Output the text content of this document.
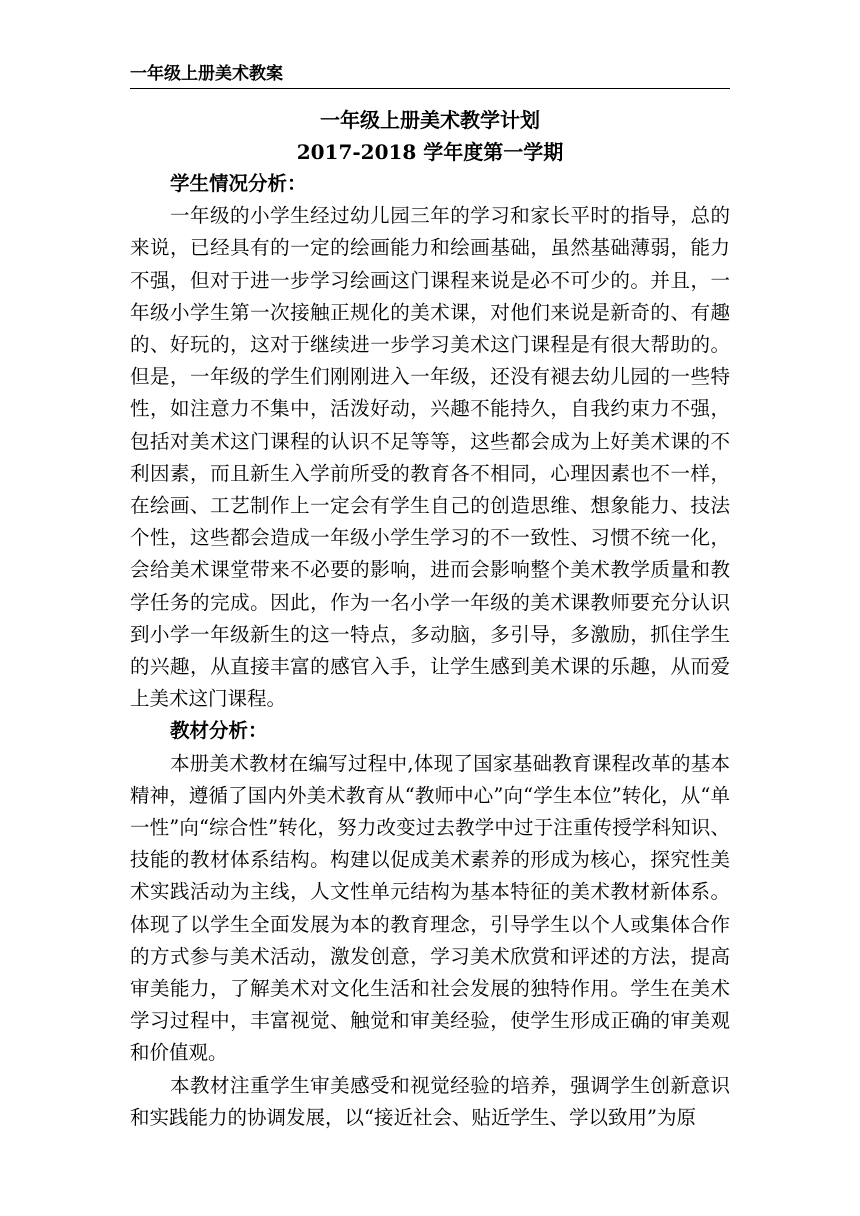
一年级上册美术教案

一年级上册美术教学计划

2017-2018 学年度第一学期

学生情况分析：

一年级的小学生经过幼儿园三年的学习和家长平时的指导，总的来说，已经具有的一定的绘画能力和绘画基础，虽然基础薄弱，能力不强，但对于进一步学习绘画这门课程来说是必不可少的。并且，一年级小学生第一次接触正规化的美术课，对他们来说是新奇的、有趣的、好玩的，这对于继续进一步学习美术这门课程是有很大帮助的。但是，一年级的学生们刚刚进入一年级，还没有褪去幼儿园的一些特性，如注意力不集中，活泼好动，兴趣不能持久，自我约束力不强，包括对美术这门课程的认识不足等等，这些都会成为上好美术课的不利因素，而且新生入学前所受的教育各不相同，心理因素也不一样，在绘画、工艺制作上一定会有学生自己的创造思维、想象能力、技法个性，这些都会造成一年级小学生学习的不一致性、习惯不统一化，会给美术课堂带来不必要的影响，进而会影响整个美术教学质量和教学任务的完成。因此，作为一名小学一年级的美术课教师要充分认识到小学一年级新生的这一特点，多动脑，多引导，多激励，抓住学生的兴趣，从直接丰富的感官入手，让学生感到美术课的乐趣，从而爱上美术这门课程。

教材分析：

本册美术教材在编写过程中,体现了国家基础教育课程改革的基本精神，遵循了国内外美术教育从“教师中心”向“学生本位”转化，从“单一性”向“综合性”转化，努力改变过去教学中过于注重传授学科知识、技能的教材体系结构。构建以促成美术素养的形成为核心，探究性美术实践活动为主线，人文性单元结构为基本特征的美术教材新体系。体现了以学生全面发展为本的教育理念，引导学生以个人或集体合作的方式参与美术活动，激发创意，学习美术欣赏和评述的方法，提高审美能力，了解美术对文化生活和社会发展的独特作用。学生在美术学习过程中，丰富视觉、触觉和审美经验，使学生形成正确的审美观和价值观。

本教材注重学生审美感受和视觉经验的培养，强调学生创新意识和实践能力的协调发展，以“接近社会、贴近学生、学以致用”为原
